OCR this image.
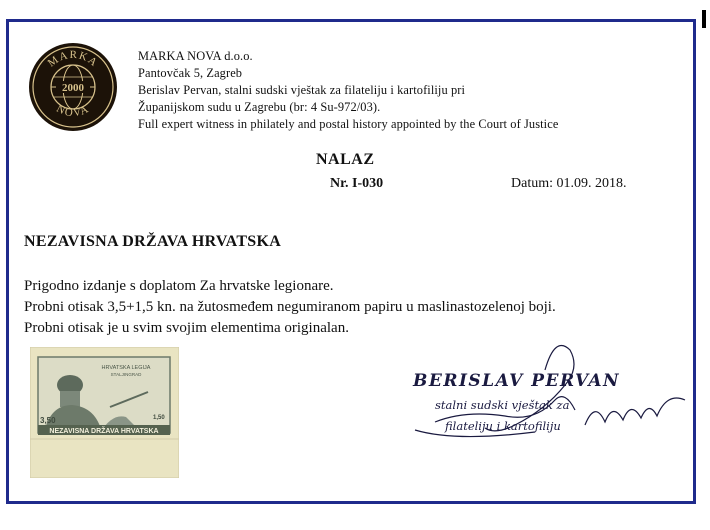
MARKA
2000
NOVA
MARKA NOVA d.o.o.
Pantovčak 5, Zagreb
Berislav Pervan, stalni sudski vještak za filateliju i kartofiliju pri
Županijskom sudu u Zagrebu (br: 4 Su-972/03).
Full expert witness in philately and postal history appointed by the Court of Justice
NALAZ
Nr. I-030	Datum: 01.09. 2018.
NEZAVISNA DRŽAVA HRVATSKA
Prigodno izdanje s doplatom Za hrvatske legionare.
Probni otisak 3,5+1,5 kn. na žutosmeđem negumiranom papiru u maslinastozelenoj boji.
Probni otisak je u svim svojim elementima originalan.
HRVATSKA LEGIJA
STALJINGRAD
3,50	1,50
NEZAVISNA DRŽAVA HRVATSKA
BERISLAV PERVAN
stalni sudski vještak za
filateliju i kartofiliju
